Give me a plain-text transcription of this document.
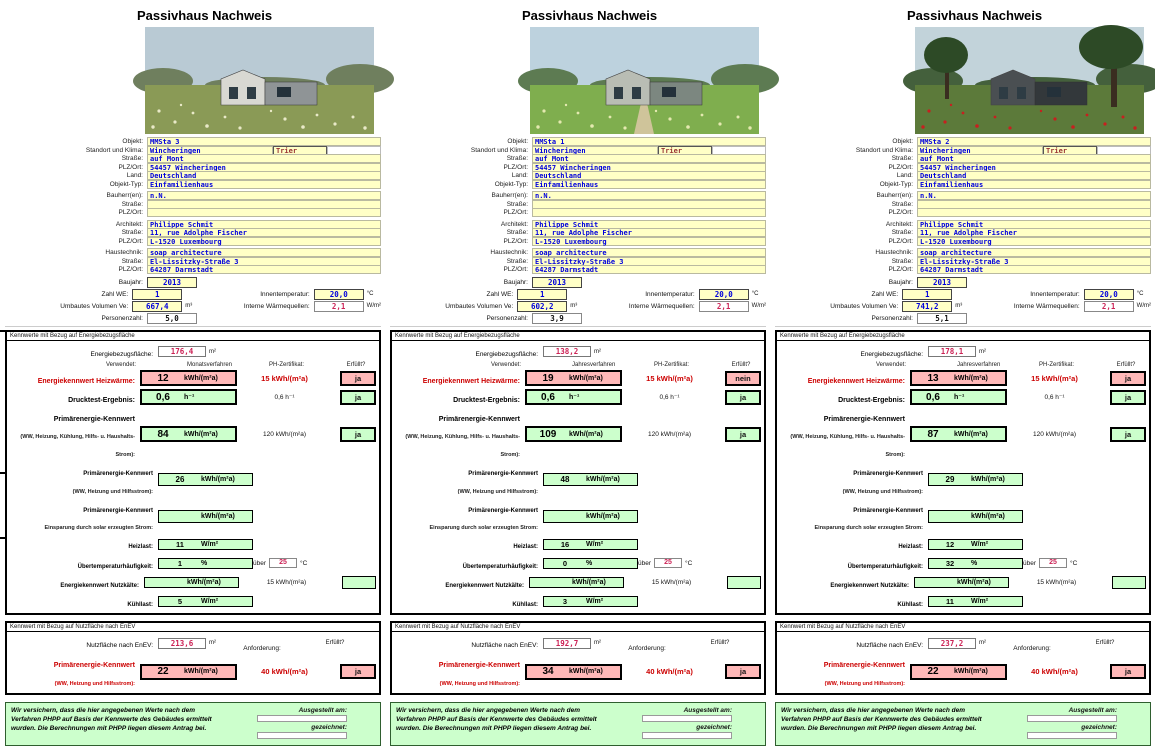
Passivhaus Nachweis
Objekt:	MMSta 3
Standort und Klima:	Wincheringen	Trier
Straße:	auf Mont
PLZ/Ort:	54457 Wincheringen
Land:	Deutschland
Objekt-Typ:	Einfamilienhaus
Bauherr(en):	n.N.
Straße:
PLZ/Ort:
Architekt:	Philippe Schmit
Straße:	11, rue Adolphe Fischer
PLZ/Ort:	L-1520 Luxembourg
Haustechnik:	soap architecture
Straße:	El-Lissitzky-Straße 3
PLZ/Ort:	64287 Darmstadt
Baujahr:	2013
Zahl WE:	1	Innentemperatur:	20,0	°C
Umbautes Volumen Ve:	667,4	m³	Interne Wärmequellen:	2,1	W/m²
Personenzahl:	5,0
Kennwerte mit Bezug auf Energiebezugsfläche
Energiebezugsfläche:	176,4	m²
Verwendet:	Monatsverfahren	PH-Zertifikat:	Erfüllt?
Energiekennwert Heizwärme:	12	kWh/(m²a)	15 kWh/(m²a)	ja
Drucktest-Ergebnis:	0,6	h⁻¹	0,6 h⁻¹	ja
Primärenergie-Kennwert
(WW, Heizung, Kühlung, Hilfs- u. Haushalts-Strom):
84	kWh/(m²a)	120 kWh/(m²a)	ja
Primärenergie-Kennwert
(WW, Heizung und Hilfsstrom):
26	kWh/(m²a)
Primärenergie-Kennwert
Einsparung durch solar erzeugten Strom:
kWh/(m²a)
Heizlast:	11	W/m²
Übertemperaturhäufigkeit:	1	%	über	25	°C
Energiekennwert Nutzkälte:	kWh/(m²a)	15 kWh/(m²a)
Kühllast:	5	W/m²
Kennwert mit Bezug auf Nutzfläche nach EnEV
Nutzfläche nach EnEV:	213,6	m²
Anforderung:
Erfüllt?
Primärenergie-Kennwert
(WW, Heizung und Hilfsstrom):
22	kWh/(m²a)	40 kWh/(m²a)	ja
Wir versichern, dass die hier angegebenen Werte nach dem Verfahren PHPP auf Basis der Kennwerte des Gebäudes ermittelt wurden. Die Berechnungen mit PHPP liegen diesem Antrag bei.
Ausgestellt am:
gezeichnet:
Passivhaus Nachweis
Objekt:	MMSta 1
Standort und Klima:	Wincheringen	Trier
Straße:	auf Mont
PLZ/Ort:	54457 Wincheringen
Land:	Deutschland
Objekt-Typ:	Einfamilienhaus
Bauherr(en):	n.N.
Straße:
PLZ/Ort:
Architekt:	Philippe Schmit
Straße:	11, rue Adolphe Fischer
PLZ/Ort:	L-1520 Luxembourg
Haustechnik:	soap architecture
Straße:	El-Lissitzky-Straße 3
PLZ/Ort:	64287 Darmstadt
Baujahr:	2013
Zahl WE:	1	Innentemperatur:	20,0	°C
Umbautes Volumen Ve:	602,2	m³	Interne Wärmequellen:	2,1	W/m²
Personenzahl:	3,9
Kennwerte mit Bezug auf Energiebezugsfläche
Energiebezugsfläche:	138,2	m²
Verwendet:	Jahresverfahren	PH-Zertifikat:	Erfüllt?
Energiekennwert Heizwärme:	19	kWh/(m²a)	15 kWh/(m²a)	nein
Drucktest-Ergebnis:	0,6	h⁻¹	0,6 h⁻¹	ja
Primärenergie-Kennwert
(WW, Heizung, Kühlung, Hilfs- u. Haushalts-Strom):
109	kWh/(m²a)	120 kWh/(m²a)	ja
Primärenergie-Kennwert
(WW, Heizung und Hilfsstrom):
48	kWh/(m²a)
Primärenergie-Kennwert
Einsparung durch solar erzeugten Strom:
kWh/(m²a)
Heizlast:	16	W/m²
Übertemperaturhäufigkeit:	0	%	über	25	°C
Energiekennwert Nutzkälte:	kWh/(m²a)	15 kWh/(m²a)
Kühllast:	3	W/m²
Kennwert mit Bezug auf Nutzfläche nach EnEV
Nutzfläche nach EnEV:	192,7	m²
Anforderung:
Erfüllt?
Primärenergie-Kennwert
(WW, Heizung und Hilfsstrom):
34	kWh/(m²a)	40 kWh/(m²a)	ja
Wir versichern, dass die hier angegebenen Werte nach dem Verfahren PHPP auf Basis der Kennwerte des Gebäudes ermittelt wurden. Die Berechnungen mit PHPP liegen diesem Antrag bei.
Ausgestellt am:
gezeichnet:
Passivhaus Nachweis
Objekt:	MMSta 2
Standort und Klima:	Wincheringen	Trier
Straße:	auf Mont
PLZ/Ort:	54457 Wincheringen
Land:	Deutschland
Objekt-Typ:	Einfamilienhaus
Bauherr(en):	n.N.
Straße:
PLZ/Ort:
Architekt:	Philippe Schmit
Straße:	11, rue Adolphe Fischer
PLZ/Ort:	L-1520 Luxembourg
Haustechnik:	soap architecture
Straße:	El-Lissitzky-Straße 3
PLZ/Ort:	64287 Darmstadt
Baujahr:	2013
Zahl WE:	1	Innentemperatur:	20,0	°C
Umbautes Volumen Ve:	741,2	m³	Interne Wärmequellen:	2,1	W/m²
Personenzahl:	5,1
Kennwerte mit Bezug auf Energiebezugsfläche
Energiebezugsfläche:	178,1	m²
Verwendet:	Jahresverfahren	PH-Zertifikat:	Erfüllt?
Energiekennwert Heizwärme:	13	kWh/(m²a)	15 kWh/(m²a)	ja
Drucktest-Ergebnis:	0,6	h⁻¹	0,6 h⁻¹	ja
Primärenergie-Kennwert
(WW, Heizung, Kühlung, Hilfs- u. Haushalts-Strom):
87	kWh/(m²a)	120 kWh/(m²a)	ja
Primärenergie-Kennwert
(WW, Heizung und Hilfsstrom):
29	kWh/(m²a)
Primärenergie-Kennwert
Einsparung durch solar erzeugten Strom:
kWh/(m²a)
Heizlast:	12	W/m²
Übertemperaturhäufigkeit:	32	%	über	25	°C
Energiekennwert Nutzkälte:	kWh/(m²a)	15 kWh/(m²a)
Kühllast:	11	W/m²
Kennwert mit Bezug auf Nutzfläche nach EnEV
Nutzfläche nach EnEV:	237,2	m²
Anforderung:
Erfüllt?
Primärenergie-Kennwert
(WW, Heizung und Hilfsstrom):
22	kWh/(m²a)	40 kWh/(m²a)	ja
Wir versichern, dass die hier angegebenen Werte nach dem Verfahren PHPP auf Basis der Kennwerte des Gebäudes ermittelt wurden. Die Berechnungen mit PHPP liegen diesem Antrag bei.
Ausgestellt am:
gezeichnet:
